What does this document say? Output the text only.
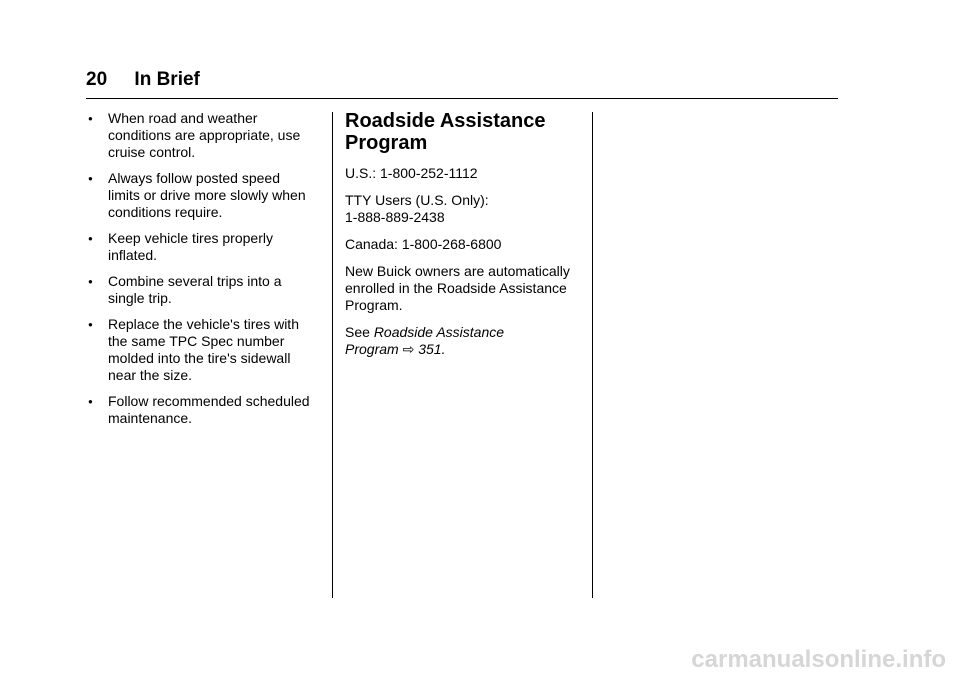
20 In Brief
● When road and weather
conditions are appropriate, use
cruise control.
● Always follow posted speed
limits or drive more slowly when
conditions require.
● Keep vehicle tires properly
inflated.
● Combine several trips into a
single trip.
● Replace the vehicle's tires with
the same TPC Spec number
molded into the tire's sidewall
near the size.
● Follow recommended scheduled
maintenance.
Roadside Assistance
Program

U.S.: 1-800-252-1112

TTY Users (U.S. Only):
1-888-889-2438

Canada: 1-800-268-6800

New Buick owners are automatically
enrolled in the Roadside Assistance
Program.

See Roadside Assistance
Program ⇨ 351.

carmanualsonline.info
